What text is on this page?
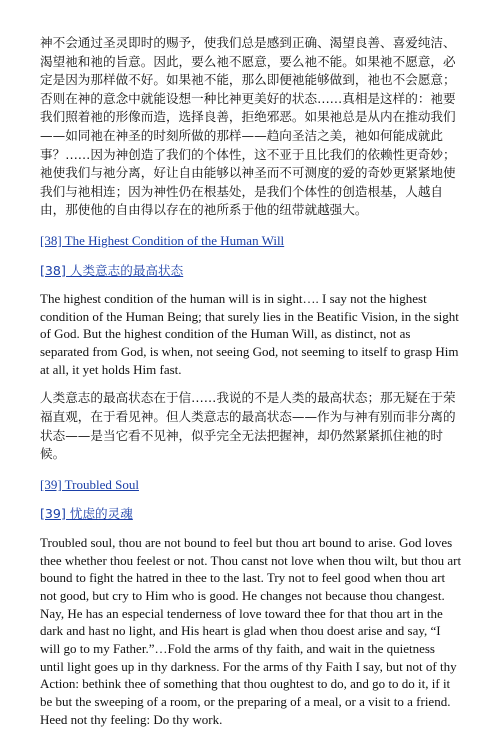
神不会通过圣灵即时的赐予，使我们总是感到正确、渴望良善、喜爱纯洁、渴望祂和祂的旨意。因此，要么祂不愿意，要么祂不能。如果祂不愿意，必定是因为那样做不好。如果祂不能，那么即便祂能够做到，祂也不会愿意；否则在神的意念中就能设想一种比神更美好的状态……真相是这样的：祂要我们照着祂的形像而造，选择良善，拒绝邪恶。如果祂总是从内在推动我们——如同祂在神圣的时刻所做的那样——趋向圣洁之美，祂如何能成就此事？……因为神创造了我们的个体性，这不亚于且比我们的依赖性更奇妙；祂使我们与祂分离，好让自由能够以神圣而不可测度的爱的奇妙更紧紧地使我们与祂相连；因为神性仍在根基处，是我们个体性的创造根基，人越自由，那使他的自由得以存在的祂所系于他的纽带就越强大。

[38] The Highest Condition of the Human Will
[38] 人类意志的最高状态

The highest condition of the human will is in sight…. I say not the highest condition of the Human Being; that surely lies in the Beatific Vision, in the sight of God. But the highest condition of the Human Will, as distinct, not as separated from God, is when, not seeing God, not seeming to itself to grasp Him at all, it yet holds Him fast.

人类意志的最高状态在于信……我说的不是人类的最高状态；那无疑在于荣福直观，在于看见神。但人类意志的最高状态——作为与神有别而非分离的状态——是当它看不见神，似乎完全无法把握神，却仍然紧紧抓住祂的时候。

[39] Troubled Soul
[39] 忧虑的灵魂

Troubled soul, thou are not bound to feel but thou art bound to arise. God loves thee whether thou feelest or not. Thou canst not love when thou wilt, but thou art bound to fight the hatred in thee to the last. Try not to feel good when thou art not good, but cry to Him who is good. He changes not because thou changest. Nay, He has an especial tenderness of love toward thee for that thou art in the dark and hast no light, and His heart is glad when thou doest arise and say, “I will go to my Father.”…Fold the arms of thy faith, and wait in the quietness until light goes up in thy darkness. For the arms of thy Faith I say, but not of thy Action: bethink thee of something that thou oughtest to do, and go to do it, if it be but the sweeping of a room, or the preparing of a meal, or a visit to a friend. Heed not thy feeling: Do thy work.
